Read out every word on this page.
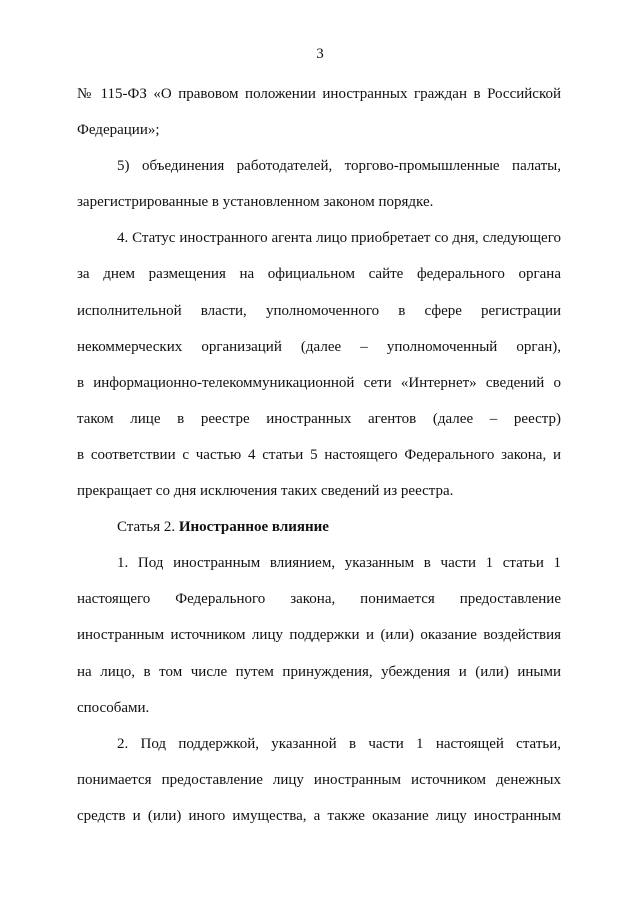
3
№ 115-ФЗ «О правовом положении иностранных граждан в Российской
Федерации»;
5) объединения работодателей, торгово-промышленные палаты,
зарегистрированные в установленном законом порядке.
4. Статус иностранного агента лицо приобретает со дня, следующего
за днем размещения на официальном сайте федерального органа
исполнительной власти, уполномоченного в сфере регистрации
некоммерческих организаций (далее – уполномоченный орган),
в информационно-телекоммуникационной сети «Интернет» сведений о
таком лице в реестре иностранных агентов (далее – реестр)
в соответствии с частью 4 статьи 5 настоящего Федерального закона, и
прекращает со дня исключения таких сведений из реестра.
Статья 2. Иностранное влияние
1. Под иностранным влиянием, указанным в части 1 статьи 1
настоящего Федерального закона, понимается предоставление
иностранным источником лицу поддержки и (или) оказание воздействия
на лицо, в том числе путем принуждения, убеждения и (или) иными
способами.
2. Под поддержкой, указанной в части 1 настоящей статьи,
понимается предоставление лицу иностранным источником денежных
средств и (или) иного имущества, а также оказание лицу иностранным
